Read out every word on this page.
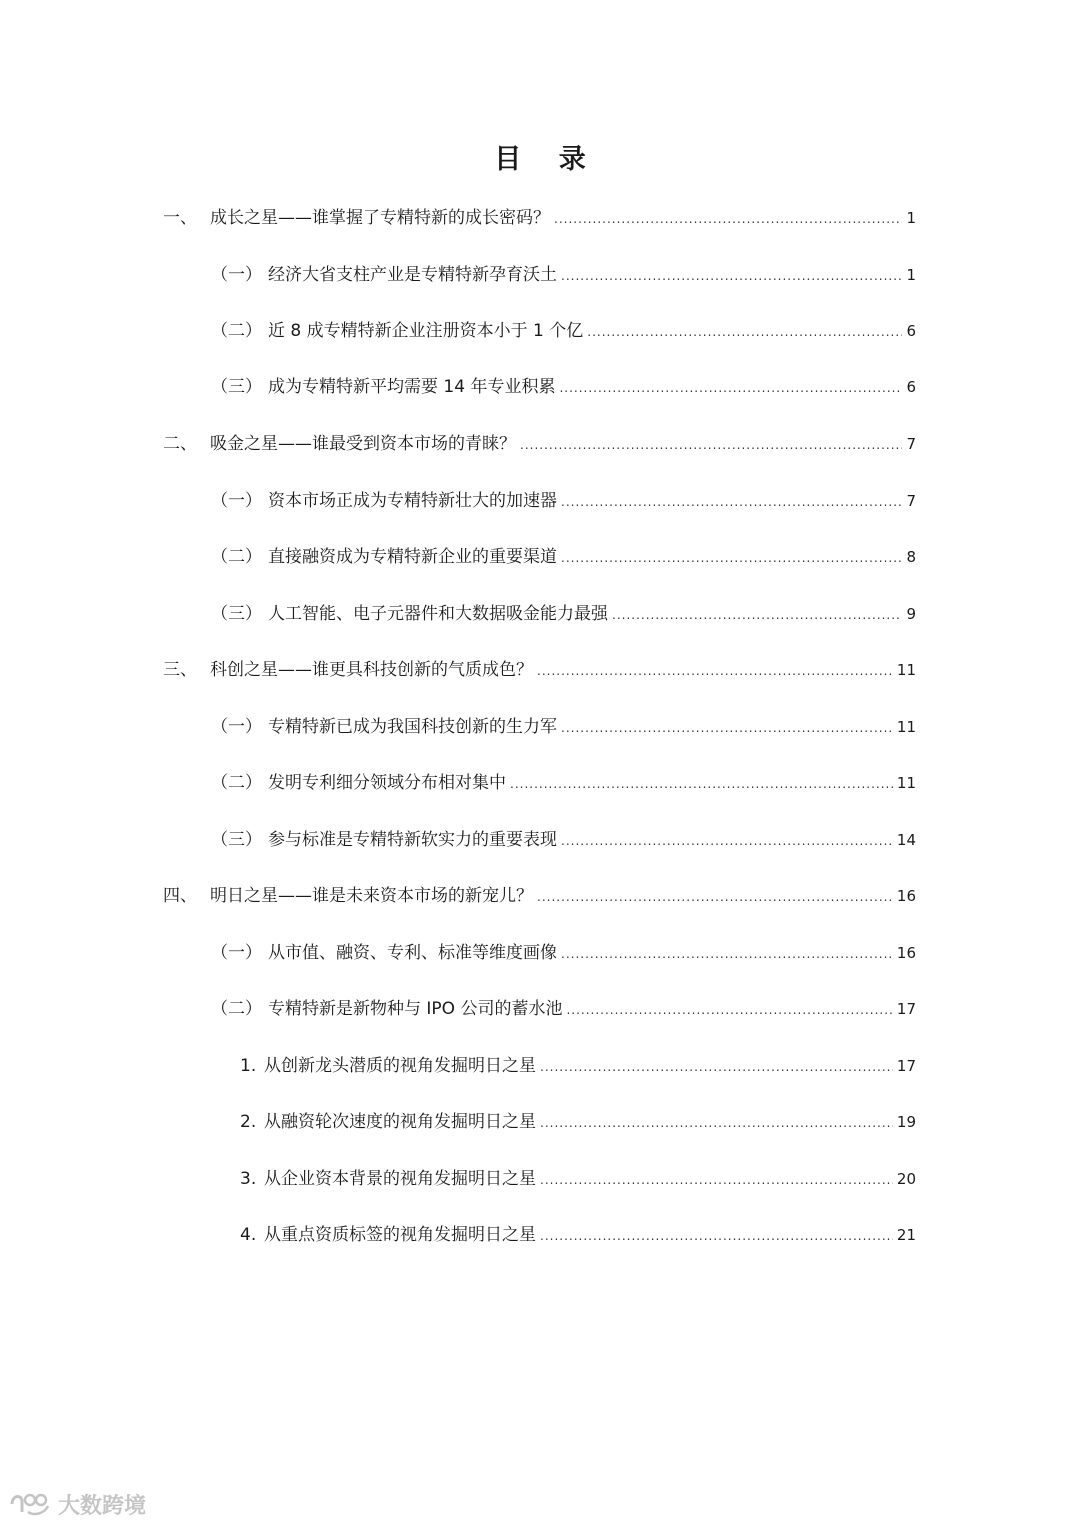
目 录
一、 成长之星——谁掌握了专精特新的成长密码？ .....	1
（一） 经济大省支柱产业是专精特新孕育沃土 .....	1
（二） 近 8 成专精特新企业注册资本小于 1 个亿 .....	6
（三） 成为专精特新平均需要 14 年专业积累 .....	6
二、 吸金之星——谁最受到资本市场的青睐？ .....	7
（一） 资本市场正成为专精特新壮大的加速器 .....	7
（二） 直接融资成为专精特新企业的重要渠道 .....	8
（三） 人工智能、电子元器件和大数据吸金能力最强 .....	9
三、 科创之星——谁更具科技创新的气质成色？ .....	11
（一） 专精特新已成为我国科技创新的生力军 .....	11
（二） 发明专利细分领域分布相对集中 .....	11
（三） 参与标准是专精特新软实力的重要表现 .....	14
四、 明日之星——谁是未来资本市场的新宠儿？ .....	16
（一） 从市值、融资、专利、标准等维度画像 .....	16
（二） 专精特新是新物种与 IPO 公司的蓄水池 .....	17
1. 从创新龙头潜质的视角发掘明日之星 .....	17
2. 从融资轮次速度的视角发掘明日之星 .....	19
3. 从企业资本背景的视角发掘明日之星 .....	20
4. 从重点资质标签的视角发掘明日之星 .....	21
大数跨境
